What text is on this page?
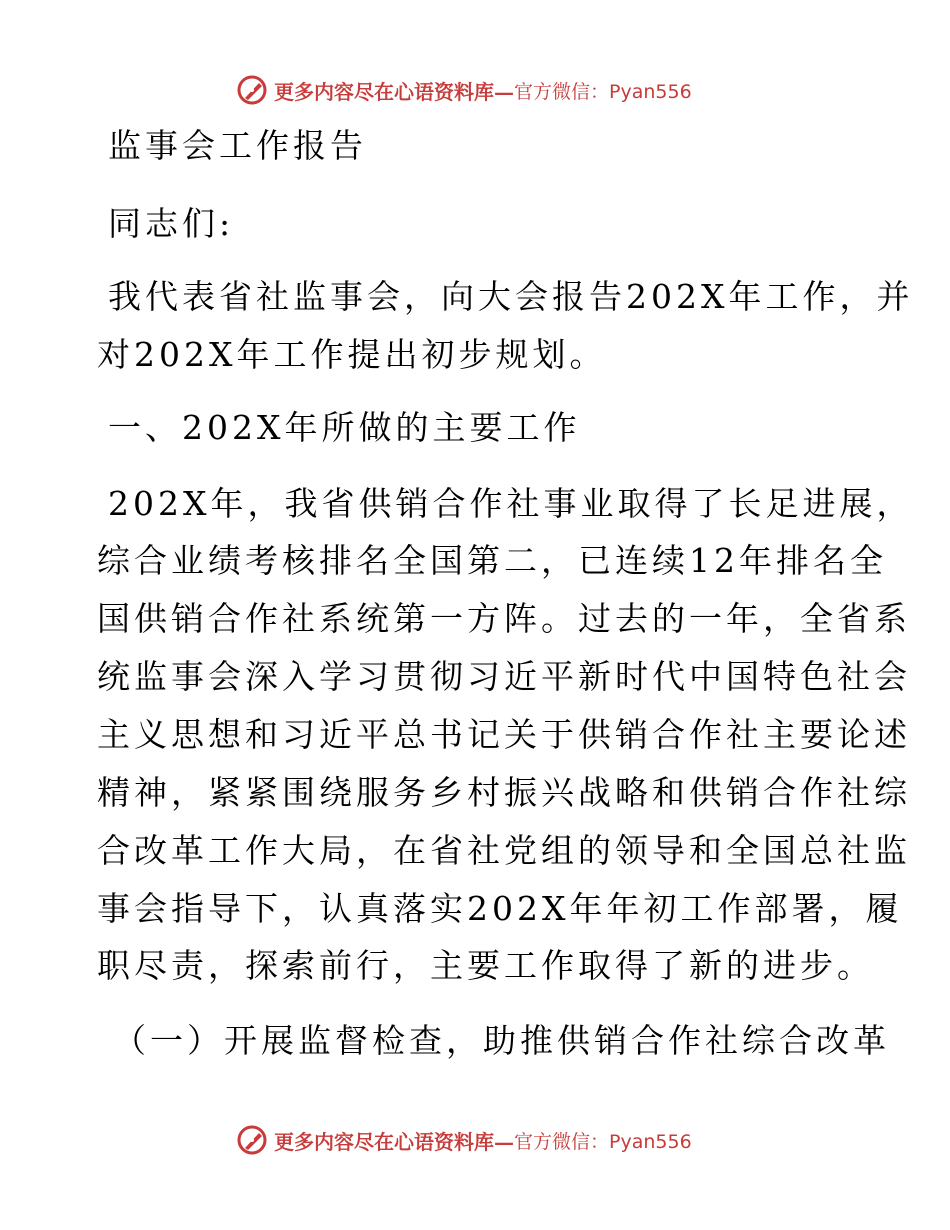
更多内容尽在心语资料库— 官方微信：Pyan556
监事会工作报告
同志们:
我代表省社监事会，向大会报告202X年工作，并
对202X年工作提出初步规划。
一、202X年所做的主要工作
202X年，我省供销合作社事业取得了长足进展，
综合业绩考核排名全国第二，已连续12年排名全
国供销合作社系统第一方阵。过去的一年，全省系
统监事会深入学习贯彻习近平新时代中国特色社会
主义思想和习近平总书记关于供销合作社主要论述
精神，紧紧围绕服务乡村振兴战略和供销合作社综
合改革工作大局，在省社党组的领导和全国总社监
事会指导下，认真落实202X年年初工作部署，履
职尽责，探索前行，主要工作取得了新的进步。
（一）开展监督检查，助推供销合作社综合改革
更多内容尽在心语资料库— 官方微信：Pyan556
